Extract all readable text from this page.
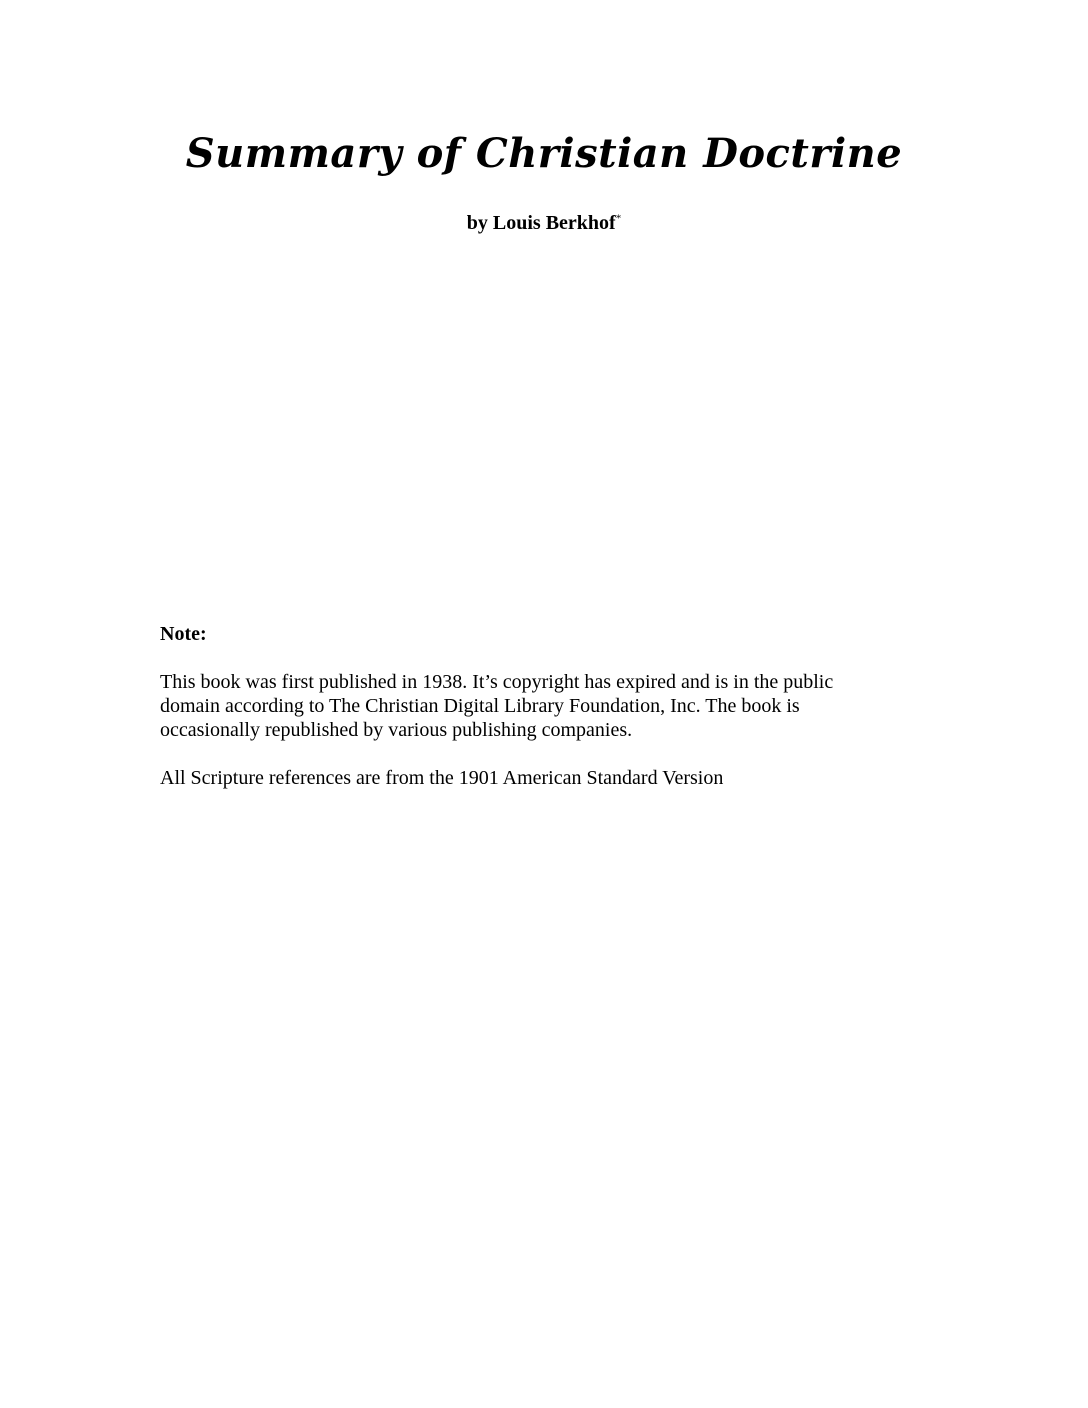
Summary of Christian Doctrine

by Louis Berkhof*

Note:

This book was first published in 1938. It’s copyright has expired and is in the public
domain according to The Christian Digital Library Foundation, Inc. The book is
occasionally republished by various publishing companies.

All Scripture references are from the 1901 American Standard Version
